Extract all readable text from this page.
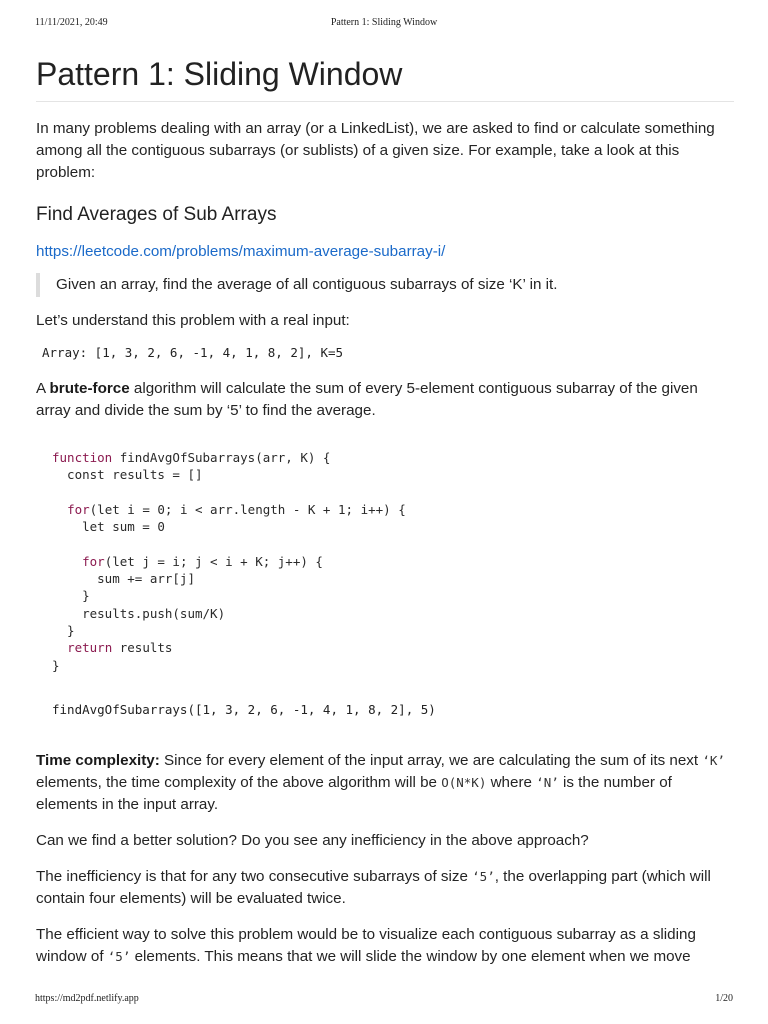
11/11/2021, 20:49	Pattern 1: Sliding Window
Pattern 1: Sliding Window

In many problems dealing with an array (or a LinkedList), we are asked to find or calculate something among all the contiguous subarrays (or sublists) of a given size. For example, take a look at this problem:

Find Averages of Sub Arrays
https://leetcode.com/problems/maximum-average-subarray-i/
Given an array, find the average of all contiguous subarrays of size ‘K’ in it.

Let’s understand this problem with a real input:

Array: [1, 3, 2, 6, -1, 4, 1, 8, 2], K=5

A brute-force algorithm will calculate the sum of every 5-element contiguous subarray of the given array and divide the sum by ‘5’ to find the average.

function findAvgOfSubarrays(arr, K) {
const results = []

for(let i = 0; i < arr.length - K + 1; i++) {
let sum = 0

for(let j = i; j < i + K; j++) {
sum += arr[j]
}
results.push(sum/K)
}
return results
}
findAvgOfSubarrays([1, 3, 2, 6, -1, 4, 1, 8, 2], 5)

Time complexity: Since for every element of the input array, we are calculating the sum of its next ‘K’ elements, the time complexity of the above algorithm will be O(N*K) where ‘N’ is the number of elements in the input array.

Can we find a better solution? Do you see any inefficiency in the above approach?

The inefficiency is that for any two consecutive subarrays of size ‘5’, the overlapping part (which will contain four elements) will be evaluated twice.

The efficient way to solve this problem would be to visualize each contiguous subarray as a sliding window of ‘5’ elements. This means that we will slide the window by one element when we move

https://md2pdf.netlify.app	1/20
